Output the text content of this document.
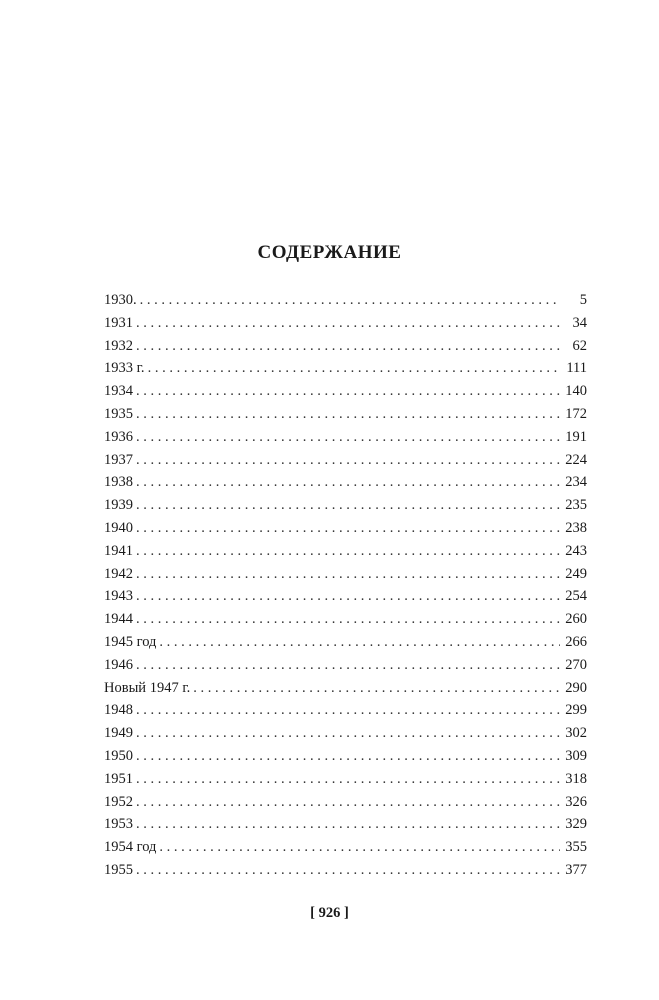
СОДЕРЖАНИЕ
1930. . . .	5
1931 . . .	34
1932 . . .	62
1933 г. . . .	111
1934 . . .	140
1935 . . .	172
1936 . . .	191
1937 . . .	224
1938 . . .	234
1939 . . .	235
1940 . . .	238
1941 . . .	243
1942 . . .	249
1943 . . .	254
1944 . . .	260
1945 год . . .	266
1946 . . .	270
Новый 1947 г. . . .	290
1948 . . .	299
1949 . . .	302
1950 . . .	309
1951 . . .	318
1952 . . .	326
1953 . . .	329
1954 год . . .	355
1955 . . .	377
[ 926 ]
